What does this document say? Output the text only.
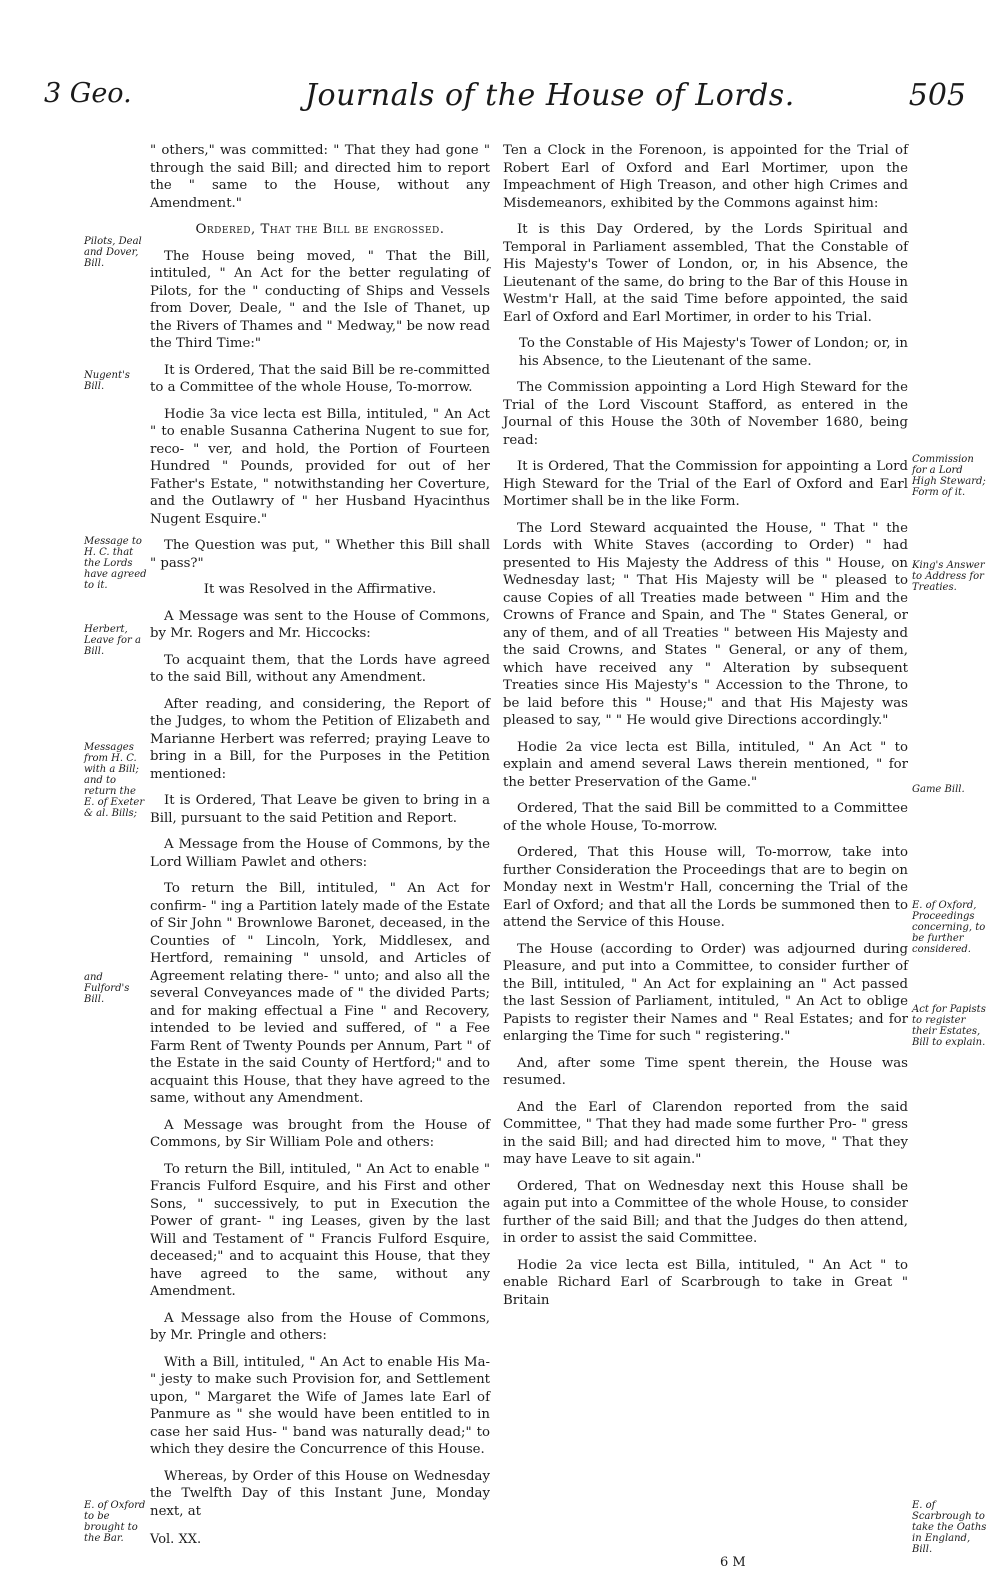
3 Geo.	Journals of the House of Lords.	505

" others," was committed: " That they had gone " through the said Bill; and directed him to report the " same to the House, without any Amendment."

Ordered, That the Bill be engrossed.

The House being moved, " That the Bill, intituled, " An Act for the better regulating of Pilots, for the " conducting of Ships and Vessels from Dover, Deale, " and the Isle of Thanet, up the Rivers of Thames and " Medway," be now read the Third Time:"

It is Ordered, That the said Bill be re-committed to a Committee of the whole House, To-morrow.

Hodie 3a vice lecta est Billa, intituled, " An Act " to enable Susanna Catherina Nugent to sue for, reco- " ver, and hold, the Portion of Fourteen Hundred " Pounds, provided for out of her Father's Estate, " notwithstanding her Coverture, and the Outlawry of " her Husband Hyacinthus Nugent Esquire."

The Question was put, " Whether this Bill shall " pass?"

It was Resolved in the Affirmative.

A Message was sent to the House of Commons, by Mr. Rogers and Mr. Hiccocks:

To acquaint them, that the Lords have agreed to the said Bill, without any Amendment.

After reading, and considering, the Report of the Judges, to whom the Petition of Elizabeth and Marianne Herbert was referred; praying Leave to bring in a Bill, for the Purposes in the Petition mentioned:

It is Ordered, That Leave be given to bring in a Bill, pursuant to the said Petition and Report.

A Message from the House of Commons, by the Lord William Pawlet and others:

To return the Bill, intituled, " An Act for confirm- " ing a Partition lately made of the Estate of Sir John " Brownlowe Baronet, deceased, in the Counties of " Lincoln, York, Middlesex, and Hertford, remaining " unsold, and Articles of Agreement relating there- " unto; and also all the several Conveyances made of " the divided Parts; and for making effectual a Fine " and Recovery, intended to be levied and suffered, of " a Fee Farm Rent of Twenty Pounds per Annum, Part " of the Estate in the said County of Hertford;" and to acquaint this House, that they have agreed to the same, without any Amendment.

A Message was brought from the House of Commons, by Sir William Pole and others:

To return the Bill, intituled, " An Act to enable " Francis Fulford Esquire, and his First and other Sons, " successively, to put in Execution the Power of grant- " ing Leases, given by the last Will and Testament of " Francis Fulford Esquire, deceased;" and to acquaint this House, that they have agreed to the same, without any Amendment.

A Message also from the House of Commons, by Mr. Pringle and others:

With a Bill, intituled, " An Act to enable His Ma- " jesty to make such Provision for, and Settlement upon, " Margaret the Wife of James late Earl of Panmure as " she would have been entitled to in case her said Hus- " band was naturally dead;" to which they desire the Concurrence of this House.

Whereas, by Order of this House on Wednesday the Twelfth Day of this Instant June, Monday next, at

Ten a Clock in the Forenoon, is appointed for the Trial of Robert Earl of Oxford and Earl Mortimer, upon the Impeachment of High Treason, and other high Crimes and Misdemeanors, exhibited by the Commons against him:

It is this Day Ordered, by the Lords Spiritual and Temporal in Parliament assembled, That the Constable of His Majesty's Tower of London, or, in his Absence, the Lieutenant of the same, do bring to the Bar of this House in Westm'r Hall, at the said Time before appointed, the said Earl of Oxford and Earl Mortimer, in order to his Trial.

To the Constable of His Majesty's Tower of London; or, in his Absence, to the Lieutenant of the same.

The Commission appointing a Lord High Steward for the Trial of the Lord Viscount Stafford, as entered in the Journal of this House the 30th of November 1680, being read:

It is Ordered, That the Commission for appointing a Lord High Steward for the Trial of the Earl of Oxford and Earl Mortimer shall be in the like Form.

The Lord Steward acquainted the House, " That " the Lords with White Staves (according to Order) " had presented to His Majesty the Address of this " House, on Wednesday last; " That His Majesty will be " pleased to cause Copies of all Treaties made between " Him and the Crowns of France and Spain, and The " States General, or any of them, and of all Treaties " between His Majesty and the said Crowns, and States " General, or any of them, which have received any " Alteration by subsequent Treaties since His Majesty's " Accession to the Throne, to be laid before this " House;" and that His Majesty was pleased to say, " " He would give Directions accordingly."

Hodie 2a vice lecta est Billa, intituled, " An Act " to explain and amend several Laws therein mentioned, " for the better Preservation of the Game."

Ordered, That the said Bill be committed to a Committee of the whole House, To-morrow.

Ordered, That this House will, To-morrow, take into further Consideration the Proceedings that are to begin on Monday next in Westm'r Hall, concerning the Trial of the Earl of Oxford; and that all the Lords be summoned then to attend the Service of this House.

The House (according to Order) was adjourned during Pleasure, and put into a Committee, to consider further of the Bill, intituled, " An Act for explaining an " Act passed the last Session of Parliament, intituled, " An Act to oblige Papists to register their Names and " Real Estates; and for enlarging the Time for such " registering."

And, after some Time spent therein, the House was resumed.

And the Earl of Clarendon reported from the said Committee, " That they had made some further Pro- " gress in the said Bill; and had directed him to move, " That they may have Leave to sit again."

Ordered, That on Wednesday next this House shall be again put into a Committee of the whole House, to consider further of the said Bill; and that the Judges do then attend, in order to assist the said Committee.

Hodie 2a vice lecta est Billa, intituled, " An Act " to enable Richard Earl of Scarbrough to take in Great " Britain

Pilots, Deal and Dover, Bill.
Nugent's Bill.
Message to H. C. that the Lords have agreed to it.
Herbert, Leave for a Bill.
Messages from H. C. with a Bill; and to return the E. of Exeter & al. Bills;
and Fulford's Bill.
E. of Oxford to be brought to the Bar.
Commission for a Lord High Steward; Form of it.
King's Answer to Address for Treaties.
Game Bill.
E. of Oxford, Proceedings concerning, to be further considered.
Act for Papists to register their Estates, Bill to explain.
E. of Scarbrough to take the Oaths in England, Bill.
Vol. XX.
6 M
